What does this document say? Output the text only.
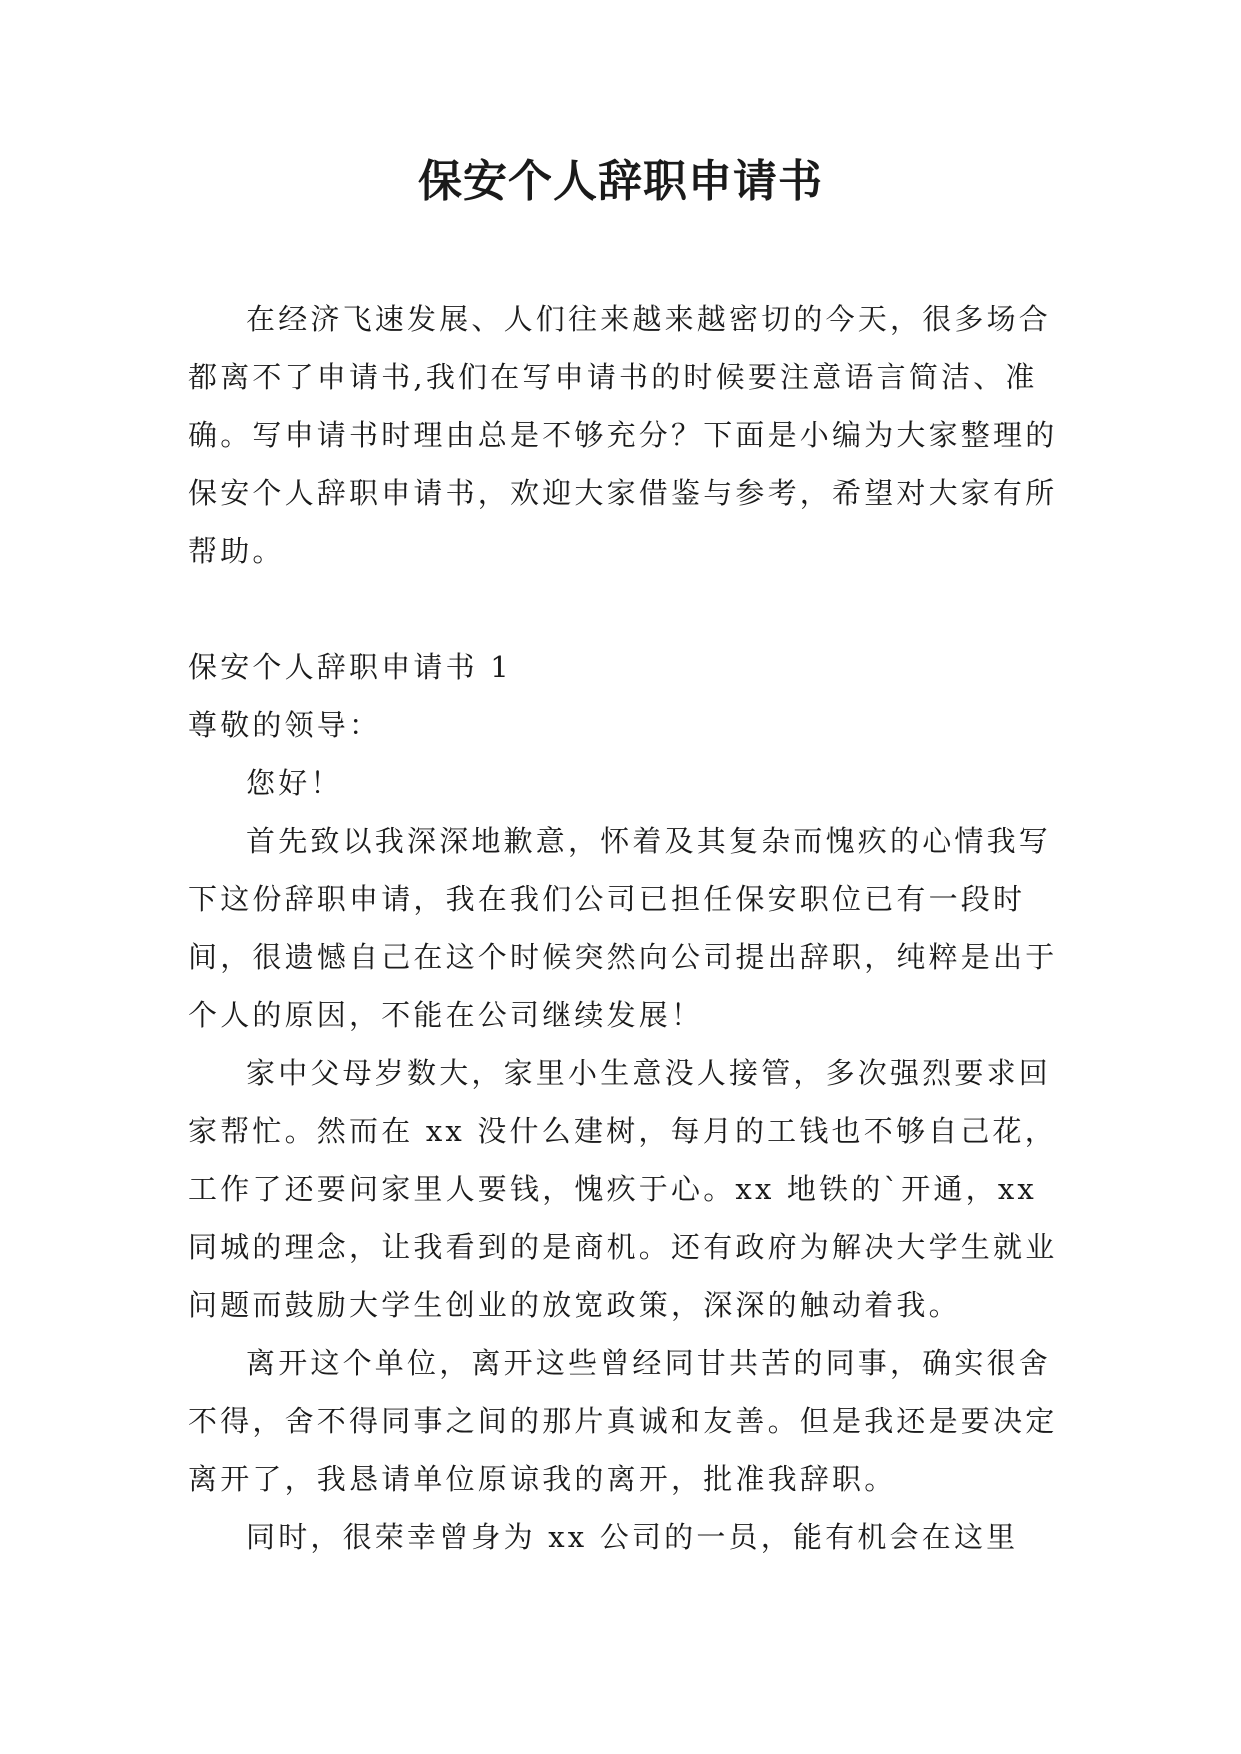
保安个人辞职申请书

在经济飞速发展、人们往来越来越密切的今天，很多场合都离不了申请书,我们在写申请书的时候要注意语言简洁、准确。写申请书时理由总是不够充分？下面是小编为大家整理的保安个人辞职申请书，欢迎大家借鉴与参考，希望对大家有所帮助。

保安个人辞职申请书 1

尊敬的领导：

您好！

首先致以我深深地歉意，怀着及其复杂而愧疚的心情我写下这份辞职申请，我在我们公司已担任保安职位已有一段时间，很遗憾自己在这个时候突然向公司提出辞职，纯粹是出于个人的原因，不能在公司继续发展！

家中父母岁数大，家里小生意没人接管，多次强烈要求回家帮忙。然而在 xx 没什么建树，每月的工钱也不够自己花，工作了还要问家里人要钱，愧疚于心。xx 地铁的`开通，xx 同城的理念，让我看到的是商机。还有政府为解决大学生就业问题而鼓励大学生创业的放宽政策，深深的触动着我。

离开这个单位，离开这些曾经同甘共苦的同事，确实很舍不得，舍不得同事之间的那片真诚和友善。但是我还是要决定离开了，我恳请单位原谅我的离开，批准我辞职。

同时，很荣幸曾身为 xx 公司的一员，能有机会在这里
